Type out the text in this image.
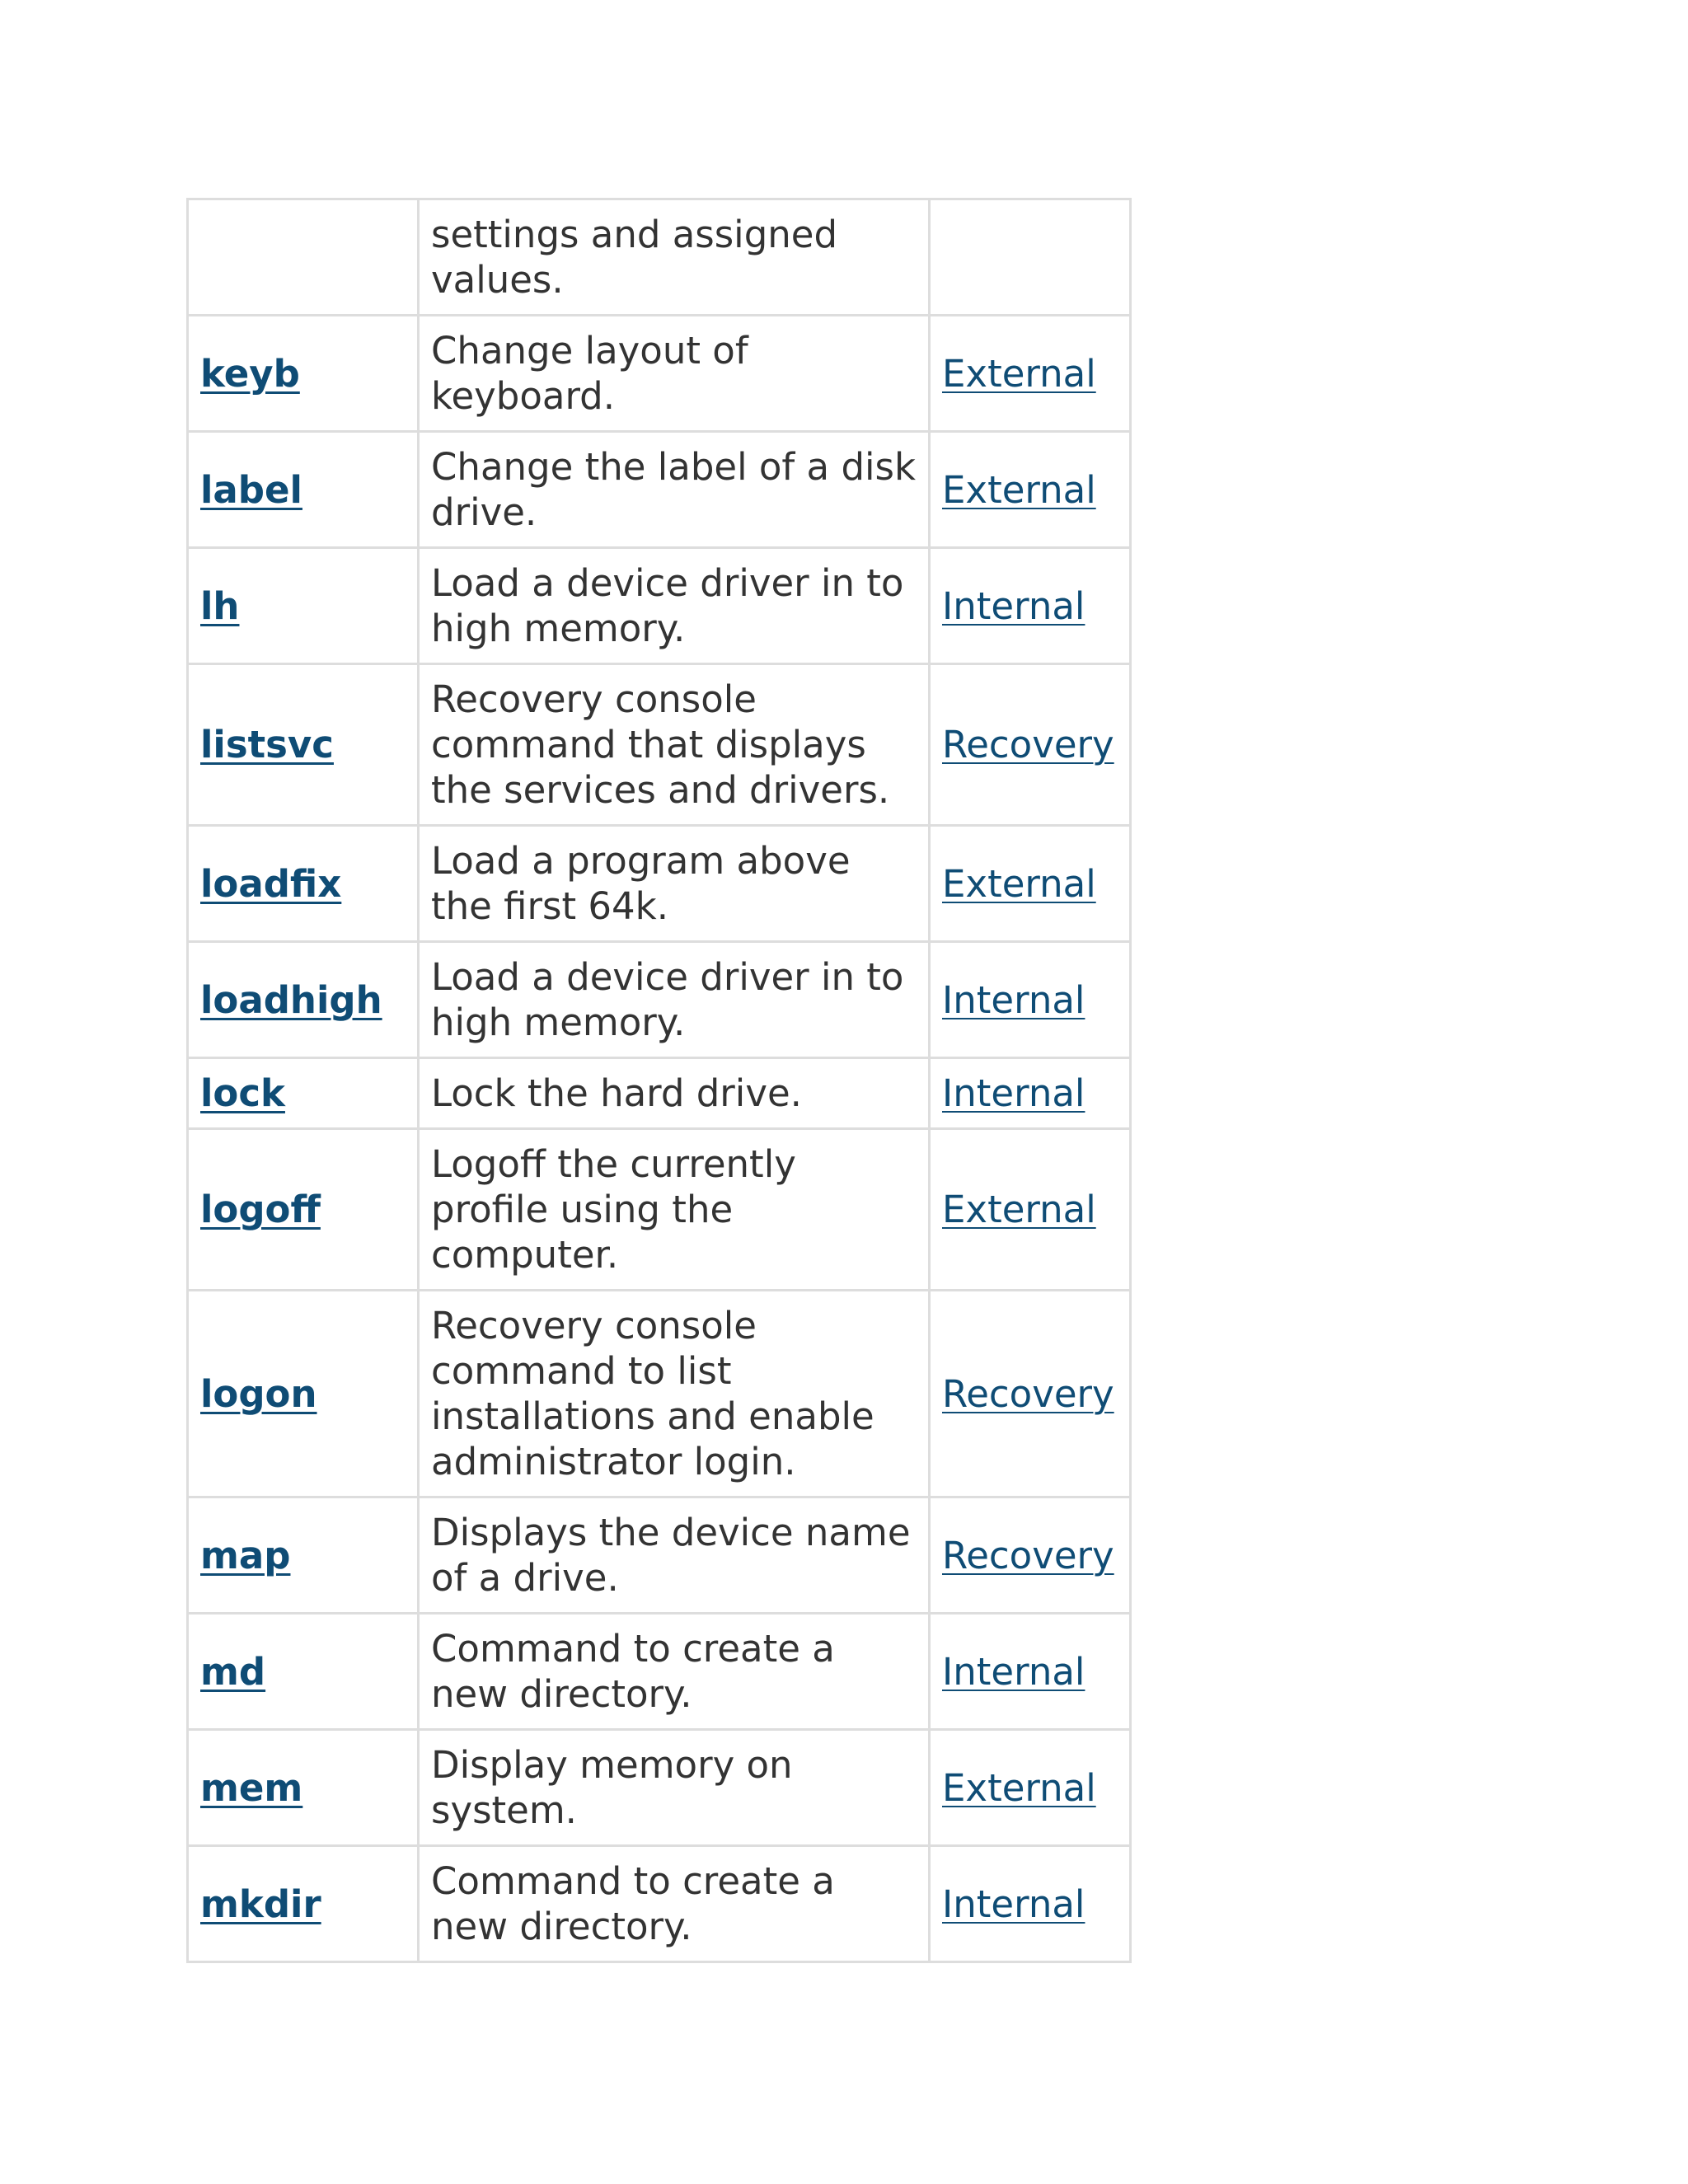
	settings and assigned values.	
keyb	Change layout of keyboard.	External
label	Change the label of a disk drive.	External
lh	Load a device driver in to high memory.	Internal
listsvc	Recovery console command that displays the services and drivers.	Recovery
loadfix	Load a program above the first 64k.	External
loadhigh	Load a device driver in to high memory.	Internal
lock	Lock the hard drive.	Internal
logoff	Logoff the currently profile using the computer.	External
logon	Recovery console command to list installations and enable administrator login.	Recovery
map	Displays the device name of a drive.	Recovery
md	Command to create a new directory.	Internal
mem	Display memory on system.	External
mkdir	Command to create a new directory.	Internal
